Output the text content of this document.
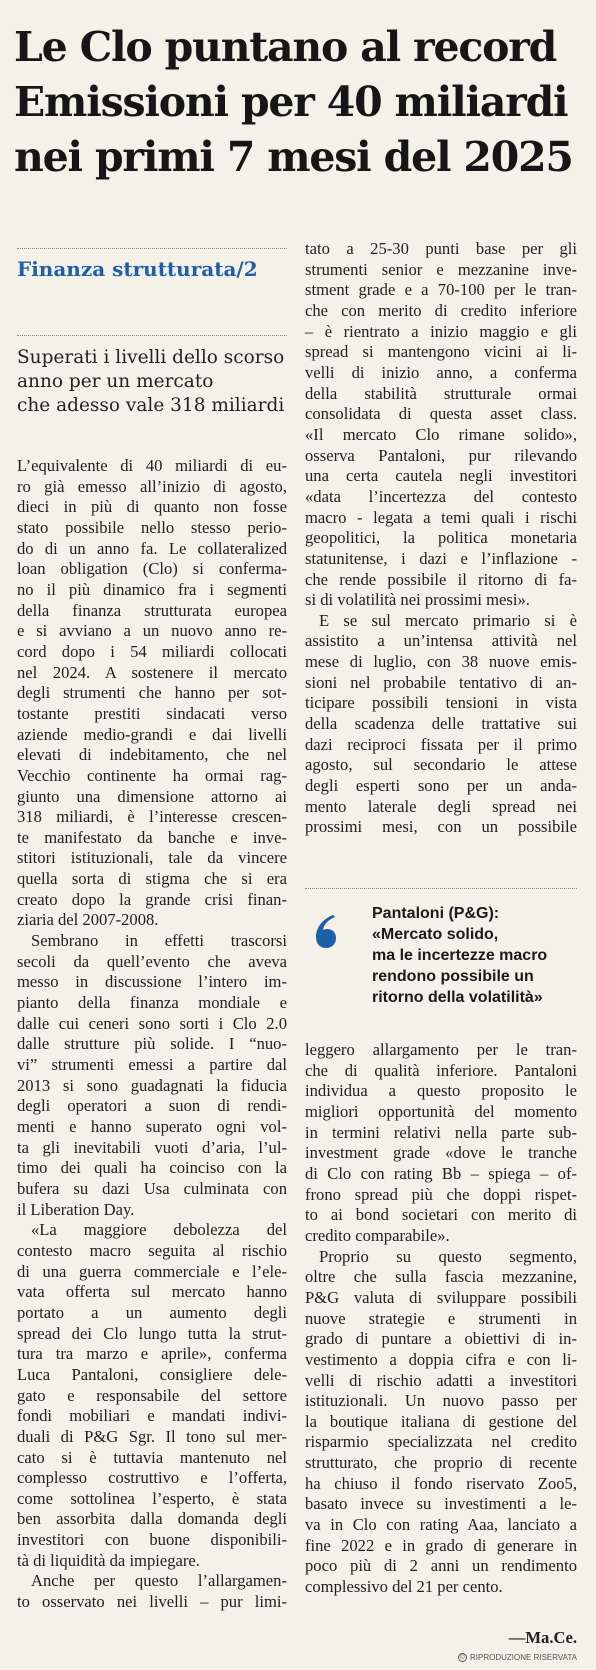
Le Clo puntano al record
Emissioni per 40 miliardi
nei primi 7 mesi del 2025
Finanza strutturata/2
Superati i livelli dello scorso
anno per un mercato
che adesso vale 318 miliardi
L’equivalente di 40 miliardi di eu-
ro già emesso all’inizio di agosto,
dieci in più di quanto non fosse
stato possibile nello stesso perio-
do di un anno fa. Le collateralized
loan obligation (Clo) si conferma-
no il più dinamico fra i segmenti
della finanza strutturata europea
e si avviano a un nuovo anno re-
cord dopo i 54 miliardi collocati
nel 2024. A sostenere il mercato
degli strumenti che hanno per sot-
tostante prestiti sindacati verso
aziende medio-grandi e dai livelli
elevati di indebitamento, che nel
Vecchio continente ha ormai rag-
giunto una dimensione attorno ai
318 miliardi, è l’interesse crescen-
te manifestato da banche e inve-
stitori istituzionali, tale da vincere
quella sorta di stigma che si era
creato dopo la grande crisi finan-
ziaria del 2007-2008.
Sembrano in effetti trascorsi
secoli da quell’evento che aveva
messo in discussione l’intero im-
pianto della finanza mondiale e
dalle cui ceneri sono sorti i Clo 2.0
dalle strutture più solide. I “nuo-
vi” strumenti emessi a partire dal
2013 si sono guadagnati la fiducia
degli operatori a suon di rendi-
menti e hanno superato ogni vol-
ta gli inevitabili vuoti d’aria, l’ul-
timo dei quali ha coinciso con la
bufera su dazi Usa culminata con
il Liberation Day.
«La maggiore debolezza del
contesto macro seguita al rischio
di una guerra commerciale e l’ele-
vata offerta sul mercato hanno
portato a un aumento degli
spread dei Clo lungo tutta la strut-
tura tra marzo e aprile», conferma
Luca Pantaloni, consigliere dele-
gato e responsabile del settore
fondi mobiliari e mandati indivi-
duali di P&G Sgr. Il tono sul mer-
cato si è tuttavia mantenuto nel
complesso costruttivo e l’offerta,
come sottolinea l’esperto, è stata
ben assorbita dalla domanda degli
investitori con buone disponibili-
tà di liquidità da impiegare.
Anche per questo l’allargamen-
to osservato nei livelli – pur limi-
tato a 25-30 punti base per gli
strumenti senior e mezzanine inve-
stment grade e a 70-100 per le tran-
che con merito di credito inferiore
– è rientrato a inizio maggio e gli
spread si mantengono vicini ai li-
velli di inizio anno, a conferma
della stabilità strutturale ormai
consolidata di questa asset class.
«Il mercato Clo rimane solido»,
osserva Pantaloni, pur rilevando
una certa cautela negli investitori
«data l’incertezza del contesto
macro - legata a temi quali i rischi
geopolitici, la politica monetaria
statunitense, i dazi e l’inflazione -
che rende possibile il ritorno di fa-
si di volatilità nei prossimi mesi».
E se sul mercato primario si è
assistito a un’intensa attività nel
mese di luglio, con 38 nuove emis-
sioni nel probabile tentativo di an-
ticipare possibili tensioni in vista
della scadenza delle trattative sui
dazi reciproci fissata per il primo
agosto, sul secondario le attese
degli esperti sono per un anda-
mento laterale degli spread nei
prossimi mesi, con un possibile
Pantaloni (P&G):
«Mercato solido,
ma le incertezze macro
rendono possibile un
ritorno della volatilità»
leggero allargamento per le tran-
che di qualità inferiore. Pantaloni
individua a questo proposito le
migliori opportunità del momento
in termini relativi nella parte sub-
investment grade «dove le tranche
di Clo con rating Bb – spiega – of-
frono spread più che doppi rispet-
to ai bond societari con merito di
credito comparabile».
Proprio su questo segmento,
oltre che sulla fascia mezzanine,
P&G valuta di sviluppare possibili
nuove strategie e strumenti in
grado di puntare a obiettivi di in-
vestimento a doppia cifra e con li-
velli di rischio adatti a investitori
istituzionali. Un nuovo passo per
la boutique italiana di gestione del
risparmio specializzata nel credito
strutturato, che proprio di recente
ha chiuso il fondo riservato Zoo5,
basato invece su investimenti a le-
va in Clo con rating Aaa, lanciato a
fine 2022 e in grado di generare in
poco più di 2 anni un rendimento
complessivo del 21 per cento.
—Ma.Ce.
© RIPRODUZIONE RISERVATA
